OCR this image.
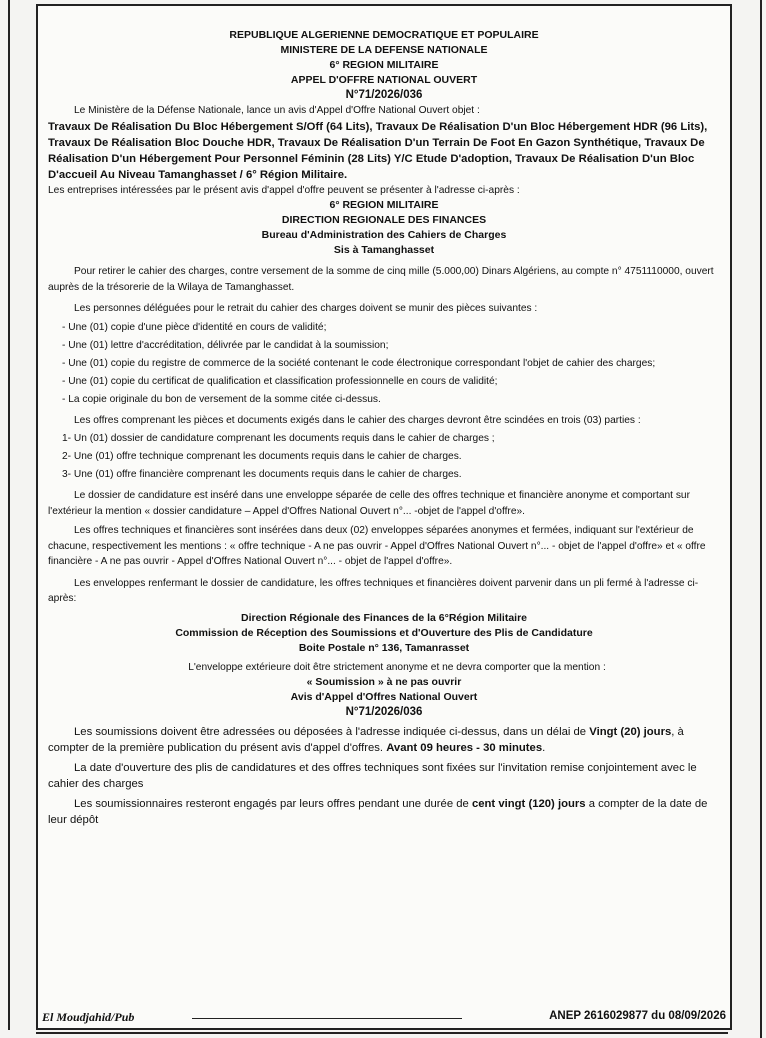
REPUBLIQUE ALGERIENNE DEMOCRATIQUE ET POPULAIRE
MINISTERE DE LA DEFENSE NATIONALE
6° REGION MILITAIRE
APPEL D'OFFRE NATIONAL OUVERT
N°71/2026/036

Le Ministère de la Défense Nationale, lance un avis d'Appel d'Offre National Ouvert objet :

Travaux De Réalisation Du Bloc Hébergement S/Off (64 Lits), Travaux De Réalisation D'un Bloc Hébergement HDR (96 Lits), Travaux De Réalisation Bloc Douche HDR, Travaux De Réalisation D'un Terrain De Foot En Gazon Synthétique, Travaux De Réalisation D'un Hébergement Pour Personnel Féminin (28 Lits) Y/C Etude D'adoption, Travaux De Réalisation D'un Bloc D'accueil Au Niveau Tamanghasset / 6° Région Militaire.

Les entreprises intéressées par le présent avis d'appel d'offre peuvent se présenter à l'adresse ci-après :

6° REGION MILITAIRE
DIRECTION REGIONALE DES FINANCES
Bureau d'Administration des Cahiers de Charges
Sis à Tamanghasset

Pour retirer le cahier des charges, contre versement de la somme de cinq mille (5.000,00) Dinars Algériens, au compte n° 4751110000, ouvert auprès de la trésorerie de la Wilaya de Tamanghasset.

Les personnes déléguées pour le retrait du cahier des charges doivent se munir des pièces suivantes :

- Une (01) copie d'une pièce d'identité en cours de validité;
- Une (01) lettre d'accréditation, délivrée par le candidat à la soumission;
- Une (01) copie du registre de commerce de la société contenant le code électronique correspondant l'objet de cahier des charges;
- Une (01) copie du certificat de qualification et classification professionnelle en cours de validité;
- La copie originale du bon de versement de la somme citée ci-dessus.

Les offres comprenant les pièces et documents exigés dans le cahier des charges devront être scindées en trois (03) parties :

1- Un (01) dossier de candidature comprenant les documents requis dans le cahier de charges ;
2- Une (01) offre technique comprenant les documents requis dans le cahier de charges.
3- Une (01) offre financière comprenant les documents requis dans le cahier de charges.

Le dossier de candidature est inséré dans une enveloppe séparée de celle des offres technique et financière anonyme et comportant sur l'extérieur la mention « dossier candidature – Appel d'Offres National Ouvert n°... -objet de l'appel d'offre».

Les offres techniques et financières sont insérées dans deux (02) enveloppes séparées anonymes et fermées, indiquant sur l'extérieur de chacune, respectivement les mentions : « offre technique - A ne pas ouvrir - Appel d'Offres National Ouvert n°... - objet de l'appel d'offre» et « offre financière - A ne pas ouvrir - Appel d'Offres National Ouvert n°... - objet de l'appel d'offre».

Les enveloppes renfermant le dossier de candidature, les offres techniques et financières doivent parvenir dans un pli fermé à l'adresse ci-après:

Direction Régionale des Finances de la 6°Région Militaire
Commission de Réception des Soumissions et d'Ouverture des Plis de Candidature
Boite Postale n° 136, Tamanrasset

L'enveloppe extérieure doit être strictement anonyme et ne devra comporter que la mention :

« Soumission » à ne pas ouvrir
Avis d'Appel d'Offres National Ouvert
N°71/2026/036

Les soumissions doivent être adressées ou déposées à l'adresse indiquée ci-dessus, dans un délai de Vingt (20) jours, à compter de la première publication du présent avis d'appel d'offres. Avant 09 heures - 30 minutes.

La date d'ouverture des plis de candidatures et des offres techniques sont fixées sur l'invitation remise conjointement avec le cahier des charges

Les soumissionnaires resteront engagés par leurs offres pendant une durée de cent vingt (120) jours a compter de la date de leur dépôt

El Moudjahid/Pub	ANEP 2616029877 du 08/09/2026
